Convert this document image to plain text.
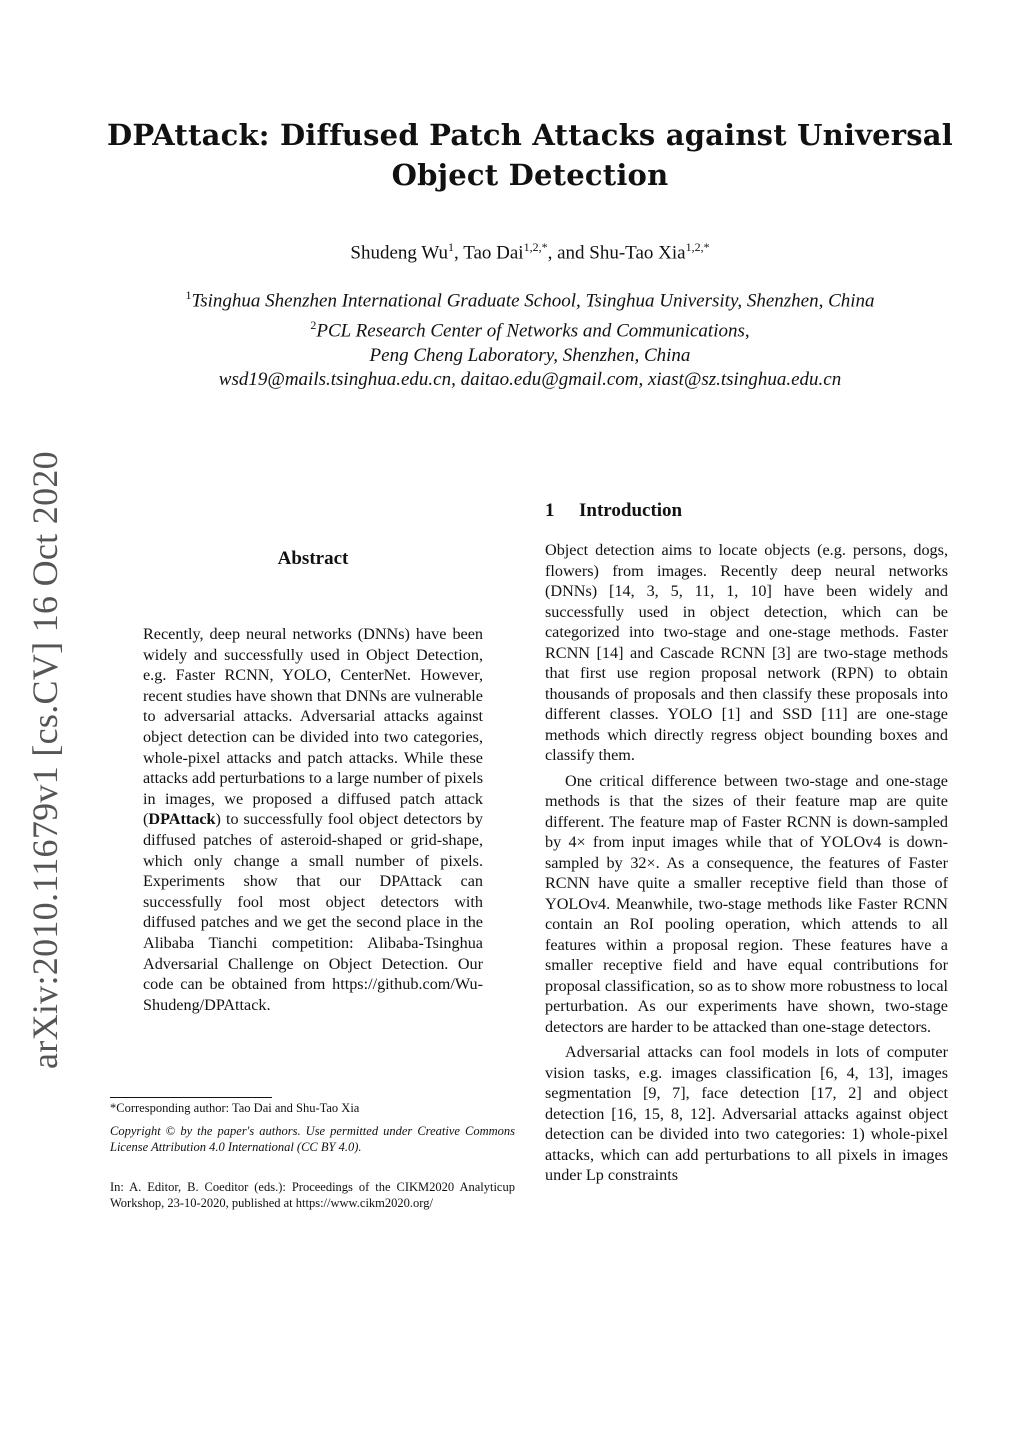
DPAttack: Diffused Patch Attacks against Universal
Object Detection
Shudeng Wu$^1$, Tao Dai$^{1,2,*}$, and Shu-Tao Xia$^{1,2,*}$
$^1$Tsinghua Shenzhen International Graduate School, Tsinghua University, Shenzhen, China
$^2$PCL Research Center of Networks and Communications,
Peng Cheng Laboratory, Shenzhen, China
wsd19@mails.tsinghua.edu.cn, daitao.edu@gmail.com, xiast@sz.tsinghua.edu.cn
arXiv:2010.11679v1 [cs.CV] 16 Oct 2020	Abstract
Recently, deep neural networks (DNNs) have been widely and successfully used in Object Detection, e.g. Faster RCNN, YOLO, CenterNet. However, recent studies have shown that DNNs are vulnerable to adversarial attacks. Adversarial attacks against object detection can be divided into two categories, whole-pixel attacks and patch attacks. While these attacks add perturbations to a large number of pixels in images, we proposed a diffused patch attack (DPAttack) to successfully fool object detectors by diffused patches of asteroid-shaped or grid-shape, which only change a small number of pixels. Experiments show that our DPAttack can successfully fool most object detectors with diffused patches and we get the second place in the Alibaba Tianchi competition: Alibaba-Tsinghua Adversarial Challenge on Object Detection. Our code can be obtained from https://github.com/Wu-Shudeng/DPAttack.
*Corresponding author: Tao Dai and Shu-Tao Xia
Copyright © by the paper's authors. Use permitted under Creative Commons License Attribution 4.0 International (CC BY 4.0).
In: A. Editor, B. Coeditor (eds.): Proceedings of the CIKM2020 Analyticup Workshop, 23-10-2020, published at https://www.cikm2020.org/
1 Introduction

Object detection aims to locate objects (e.g. persons, dogs, flowers) from images. Recently deep neural networks (DNNs) [14, 3, 5, 11, 1, 10] have been widely and successfully used in object detection, which can be categorized into two-stage and one-stage methods. Faster RCNN [14] and Cascade RCNN [3] are two-stage methods that first use region proposal network (RPN) to obtain thousands of proposals and then classify these proposals into different classes. YOLO [1] and SSD [11] are one-stage methods which directly regress object bounding boxes and classify them.

One critical difference between two-stage and one-stage methods is that the sizes of their feature map are quite different. The feature map of Faster RCNN is down-sampled by 4× from input images while that of YOLOv4 is down-sampled by 32×. As a consequence, the features of Faster RCNN have quite a smaller receptive field than those of YOLOv4. Meanwhile, two-stage methods like Faster RCNN contain an RoI pooling operation, which attends to all features within a proposal region. These features have a smaller receptive field and have equal contributions for proposal classification, so as to show more robustness to local perturbation. As our experiments have shown, two-stage detectors are harder to be attacked than one-stage detectors.

Adversarial attacks can fool models in lots of computer vision tasks, e.g. images classification [6, 4, 13], images segmentation [9, 7], face detection [17, 2] and object detection [16, 15, 8, 12]. Adversarial attacks against object detection can be divided into two categories: 1) whole-pixel attacks, which can add perturbations to all pixels in images under Lp constraints
